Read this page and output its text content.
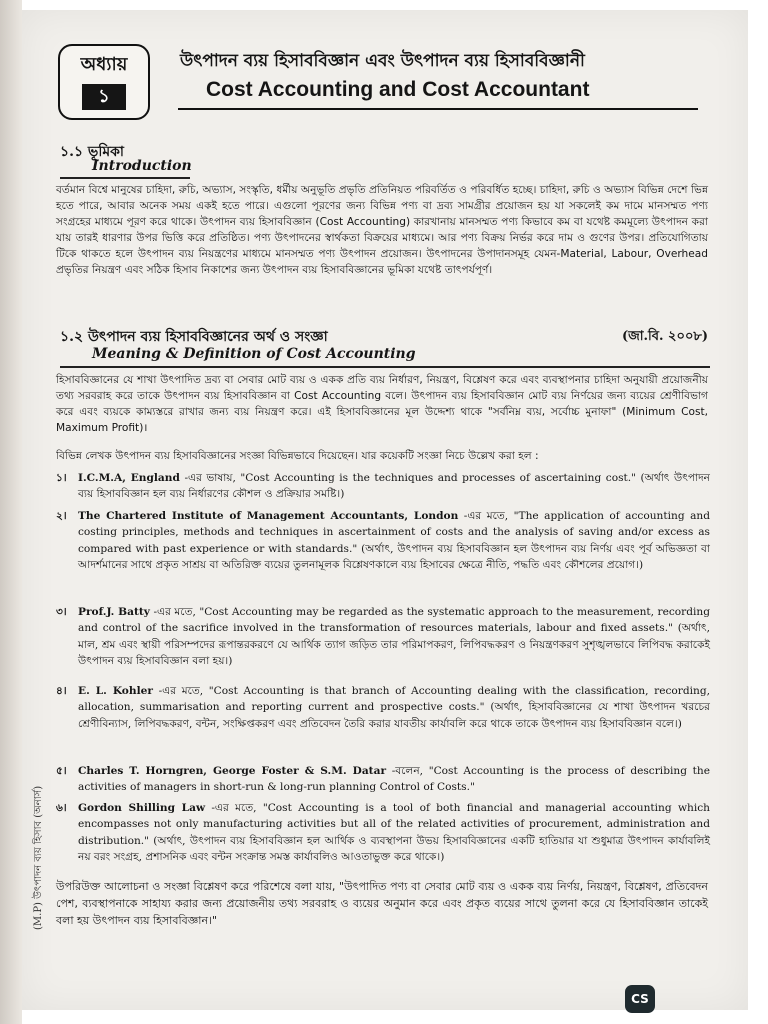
(M.P) উৎপাদন ব্যয় হিসাব (অনার্স)
অধ্যায়
১
উৎপাদন ব্যয় হিসাববিজ্ঞান এবং উৎপাদন ব্যয় হিসাববিজ্ঞানী
Cost Accounting and Cost Accountant
১.১ ভূমিকা
Introduction
বর্তমান বিশ্বে মানুষের চাহিদা, রুচি, অভ্যাস, সংস্কৃতি, ধর্মীয় অনুভূতি প্রভৃতি প্রতিনিয়ত পরিবর্তিত ও পরিবর্ধিত হচ্ছে। চাহিদা, রুচি ও অভ্যাস বিভিন্ন দেশে ভিন্ন হতে পারে, আবার অনেক সময় একই হতে পারে। এগুলো পূরণের জন্য বিভিন্ন পণ্য বা দ্রব্য সামগ্রীর প্রয়োজন হয় যা সকলেই কম দামে মানসম্মত পণ্য সংগ্রহের মাধ্যমে পূরণ করে থাকে। উৎপাদন ব্যয় হিসাববিজ্ঞান (Cost Accounting) কারখানায় মানসম্মত পণ্য কিভাবে কম বা যথেষ্ট কমমূল্যে উৎপাদন করা যায় তারই ধারণার উপর ভিত্তি করে প্রতিষ্ঠিত। পণ্য উৎপাদনের স্বার্থকতা বিক্রয়ের মাধ্যমে। আর পণ্য বিক্রয় নির্ভর করে দাম ও গুণের উপর। প্রতিযোগিতায় টিকে থাকতে হলে উৎপাদন ব্যয় নিয়ন্ত্রণের মাধ্যমে মানসম্মত পণ্য উৎপাদন প্রয়োজন। উৎপাদনের উপাদানসমূহ যেমন-Material, Labour, Overhead প্রভৃতির নিয়ন্ত্রণ এবং সঠিক হিসাব নিকাশের জন্য উৎপাদন ব্যয় হিসাববিজ্ঞানের ভূমিকা যথেষ্ট তাৎপর্যপূর্ণ।
১.২ উৎপাদন ব্যয় হিসাববিজ্ঞানের অর্থ ও সংজ্ঞা	(জা.বি. ২০০৮)
Meaning & Definition of Cost Accounting
হিসাববিজ্ঞানের যে শাখা উৎপাদিত দ্রব্য বা সেবার মোট ব্যয় ও একক প্রতি ব্যয় নির্ধারণ, নিয়ন্ত্রণ, বিশ্লেষণ করে এবং ব্যবস্থাপনার চাহিদা অনুযায়ী প্রয়োজনীয় তথ্য সরবরাহ করে তাকে উৎপাদন ব্যয় হিসাববিজ্ঞান বা Cost Accounting বলে। উৎপাদন ব্যয় হিসাববিজ্ঞান মোট ব্যয় নির্ণয়ের জন্য ব্যয়ের শ্রেণীবিভাগ করে এবং ব্যয়কে কাম্যস্তরে রাখার জন্য ব্যয় নিয়ন্ত্রণ করে। এই হিসাববিজ্ঞানের মূল উদ্দেশ্য থাকে "সর্বনিম্ন ব্যয়, সর্বোচ্চ মুনাফা" (Minimum Cost, Maximum Profit)।
বিভিন্ন লেখক উৎপাদন ব্যয় হিসাববিজ্ঞানের সংজ্ঞা বিভিন্নভাবে দিয়েছেন। যার কয়েকটি সংজ্ঞা নিচে উল্লেখ করা হল :
১।	I.C.M.A, England -এর ভাষায়, "Cost Accounting is the techniques and processes of ascertaining cost." (অর্থাৎ উৎপাদন ব্যয় হিসাববিজ্ঞান হল ব্যয় নির্ধারণের কৌশল ও প্রক্রিয়ার সমষ্টি।)
২।	The Chartered Institute of Management Accountants, London -এর মতে, "The application of accounting and costing principles, methods and techniques in ascertainment of costs and the analysis of saving and/or excess as compared with past experience or with standards." (অর্থাৎ, উৎপাদন ব্যয় হিসাববিজ্ঞান হল উৎপাদন ব্যয় নির্ণয় এবং পূর্ব অভিজ্ঞতা বা আদর্শমানের সাথে প্রকৃত সাশ্রয় বা অতিরিক্ত ব্যয়ের তুলনামূলক বিশ্লেষণকালে ব্যয় হিসাবের ক্ষেত্রে নীতি, পদ্ধতি এবং কৌশলের প্রয়োগ।)
৩।	Prof.J. Batty -এর মতে, "Cost Accounting may be regarded as the systematic approach to the measurement, recording and control of the sacrifice involved in the transformation of resources materials, labour and fixed assets." (অর্থাৎ, মাল, শ্রম এবং স্থায়ী পরিসম্পদের রূপান্তরকরণে যে আর্থিক ত্যাগ জড়িত তার পরিমাপকরণ, লিপিবদ্ধকরণ ও নিয়ন্ত্রণকরণ সুশৃঙ্খলভাবে লিপিবদ্ধ করাকেই উৎপাদন ব্যয় হিসাববিজ্ঞান বলা হয়।)
৪।	E. L. Kohler -এর মতে, "Cost Accounting is that branch of Accounting dealing with the classification, recording, allocation, summarisation and reporting current and prospective costs." (অর্থাৎ, হিসাববিজ্ঞানের যে শাখা উৎপাদন খরচের শ্রেণীবিন্যাস, লিপিবদ্ধকরণ, বন্টন, সংক্ষিপ্তকরণ এবং প্রতিবেদন তৈরি করার যাবতীয় কার্যাবলি করে থাকে তাকে উৎপাদন ব্যয় হিসাববিজ্ঞান বলে।)
৫।	Charles T. Horngren, George Foster & S.M. Datar -বলেন, "Cost Accounting is the process of describing the activities of managers in short-run & long-run planning Control of Costs."
৬।	Gordon Shilling Law -এর মতে, "Cost Accounting is a tool of both financial and managerial accounting which encompasses not only manufacturing activities but all of the related activities of procurement, administration and distribution." (অর্থাৎ, উৎপাদন ব্যয় হিসাববিজ্ঞান হল আর্থিক ও ব্যবস্থাপনা উভয় হিসাববিজ্ঞানের একটি হাতিয়ার যা শুধুমাত্র উৎপাদন কার্যাবলিই নয় বরং সংগ্রহ, প্রশাসনিক এবং বন্টন সংক্রান্ত সমস্ত কার্যাবলিও আওতাভুক্ত করে থাকে।)
উপরিউক্ত আলোচনা ও সংজ্ঞা বিশ্লেষণ করে পরিশেষে বলা যায়, "উৎপাদিত পণ্য বা সেবার মোট ব্যয় ও একক ব্যয় নির্ণয়, নিয়ন্ত্রণ, বিশ্লেষণ, প্রতিবেদন পেশ, ব্যবস্থাপনাকে সাহায্য করার জন্য প্রয়োজনীয় তথ্য সরবরাহ ও ব্যয়ের অনুমান করে এবং প্রকৃত ব্যয়ের সাথে তুলনা করে যে হিসাববিজ্ঞান তাকেই বলা হয় উৎপাদন ব্যয় হিসাববিজ্ঞান।"
CS
